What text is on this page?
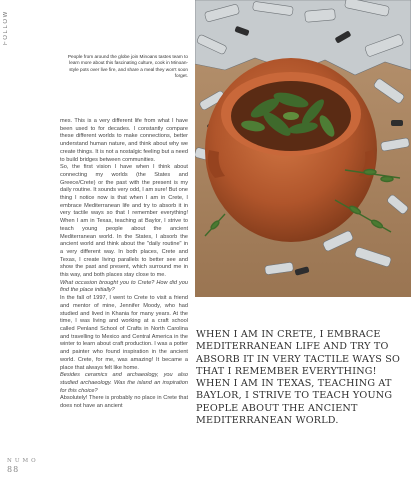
FOLLOW
People from around the globe join Minoans tastes team to learn more about this fascinating culture, cook in Minoan-style pots over live fire, and share a meal they won't soon forget.

mes. This is a very different life from what I have been used to for decades. I constantly compare these different worlds to make connections, better understand human nature, and think about why we create things. It is not a nostalgic feeling but a need to build bridges between communities.

So, the first vision I have when I think about connecting my worlds (the States and Greece/Crete) or the past with the present is my daily routine. It sounds very odd, I am sure! But one thing I notice now is that when I am in Crete, I embrace Mediterranean life and try to absorb it in very tactile ways so that I remember everything! When I am in Texas, teaching at Baylor, I strive to teach young people about the ancient Mediterranean world. In the States, I absorb the ancient world and think about the "daily routine" in a very different way. In both places, Crete and Texas, I create living parallels to better see and show the past and present, which surround me in this way, and both places stay close to me.

What occasion brought you to Crete? How did you find the place initially?

In the fall of 1997, I went to Crete to visit a friend and mentor of mine, Jennifer Moody, who had studied and lived in Khania for many years. At the time, I was living and working at a craft school called Penland School of Crafts in North Carolina and travelling to Mexico and Central America in the winter to learn about craft production. I was a potter and painter who found inspiration in the ancient world. Crete, for me, was amazing! It became a place that always felt like home.

Besides ceramics and archaeology, you also studied archaeology. Was the island an inspiration for this choice?

Absolutely! There is probably no place in Crete that does not have an ancient

WHEN I AM IN CRETE, I EMBRACE MEDITERRANEAN LIFE AND TRY TO ABSORB IT IN VERY TACTILE WAYS SO THAT I REMEMBER EVERYTHING! WHEN I AM IN TEXAS, TEACHING AT BAYLOR, I STRIVE TO TEACH YOUNG PEOPLE ABOUT THE ANCIENT MEDITERRANEAN WORLD.

NUMO
88
